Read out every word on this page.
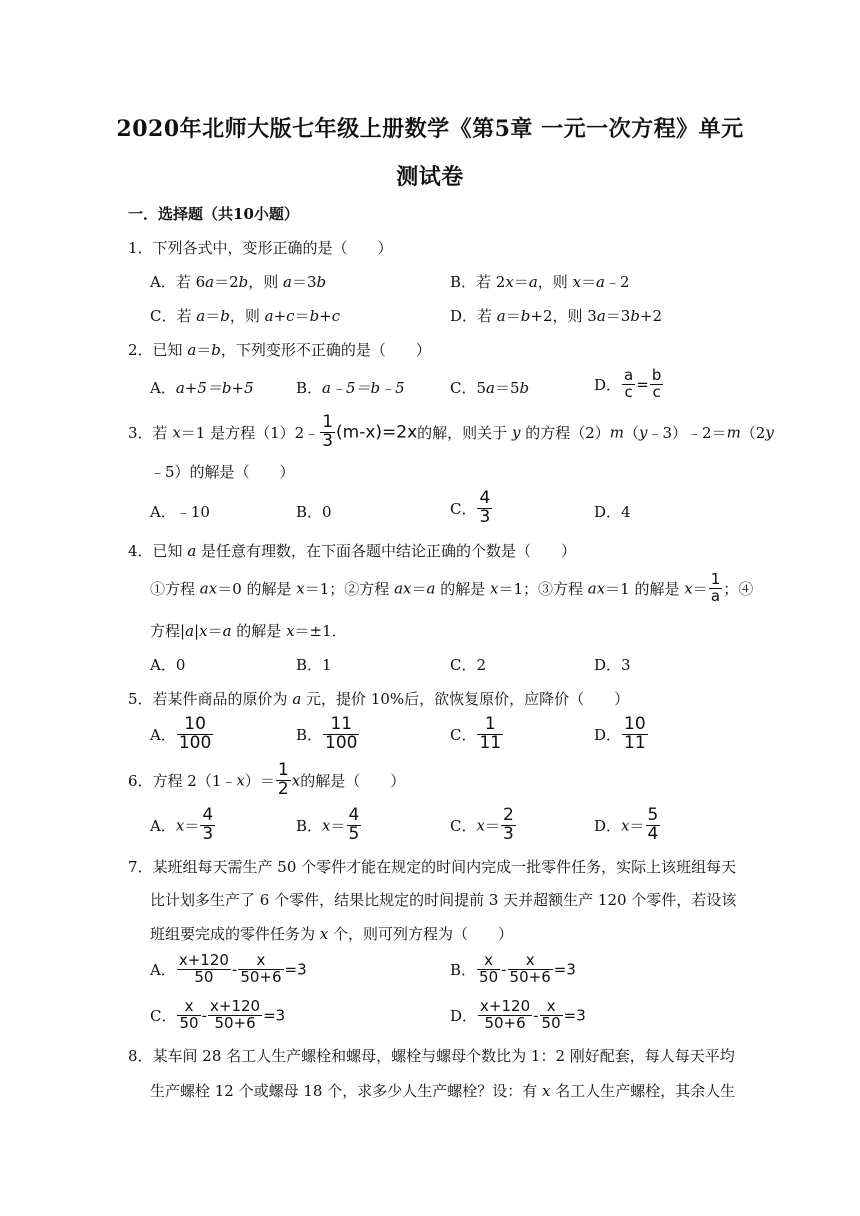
2020年北师大版七年级上册数学《第5章 一元一次方程》单元
测试卷
一．选择题（共10小题）
1．下列各式中，变形正确的是（　　）
A．若 6a＝2b，则 a＝3b	B．若 2x＝a，则 x＝a﹣2
C．若 a＝b，则 a+c＝b+c	D．若 a＝b+2，则 3a＝3b+2
2．已知 a＝b，下列变形不正确的是（　　）
A．a+5＝b+5	B．a﹣5＝b﹣5	C．5a＝5b	D． $\frac{a}{c} = \frac{b}{c}$
3．若 x＝1 是方程（1）2﹣ $\frac{1}{3} (m-x)=2x$的解，则关于 y 的方程（2）m（y﹣3）﹣2＝m（2y
﹣5）的解是（　　）
A．﹣10	B．0	C． $\frac{4}{3}$	D．4
4．已知 a 是任意有理数，在下面各题中结论正确的个数是（　　）
①方程 ax＝0 的解是 x＝1；②方程 ax＝a 的解是 x＝1；③方程 ax＝1 的解是 $x= \frac{1}{a}$ ；④
方程|a|x＝a 的解是 x＝±1．
A．0	B．1	C．2	D．3
5．若某件商品的原价为 a 元，提价 10%后，欲恢复原价，应降价（　　）
A． $\frac{10}{100}$	B． $\frac{11}{100}$	C． $\frac{1}{11}$	D． $\frac{10}{11}$
6．方程 2（1﹣x）＝ $\frac{1}{2}$ x的解是（　　）
A．$x= \frac{4}{3}$	B．$x= \frac{4}{5}$	C．$x= \frac{2}{3}$	D．$x= \frac{5}{4}$
7．某班组每天需生产 50 个零件才能在规定的时间内完成一批零件任务，实际上该班组每天
比计划多生产了 6 个零件，结果比规定的时间提前 3 天并超额生产 120 个零件，若设该
班组要完成的零件任务为 x 个，则可列方程为（　　）
A． $\frac{x+120}{50} - \frac{x}{50+6} =3$	B． $\frac{x}{50} - \frac{x}{50+6} =3$
C． $\frac{x}{50} - \frac{x+120}{50+6} =3$	D． $\frac{x+120}{50+6} - \frac{x}{50} =3$
8．某车间 28 名工人生产螺栓和螺母，螺栓与螺母个数比为 1：2 刚好配套，每人每天平均
生产螺栓 12 个或螺母 18 个，求多少人生产螺栓？设：有 x 名工人生产螺栓，其余人生
